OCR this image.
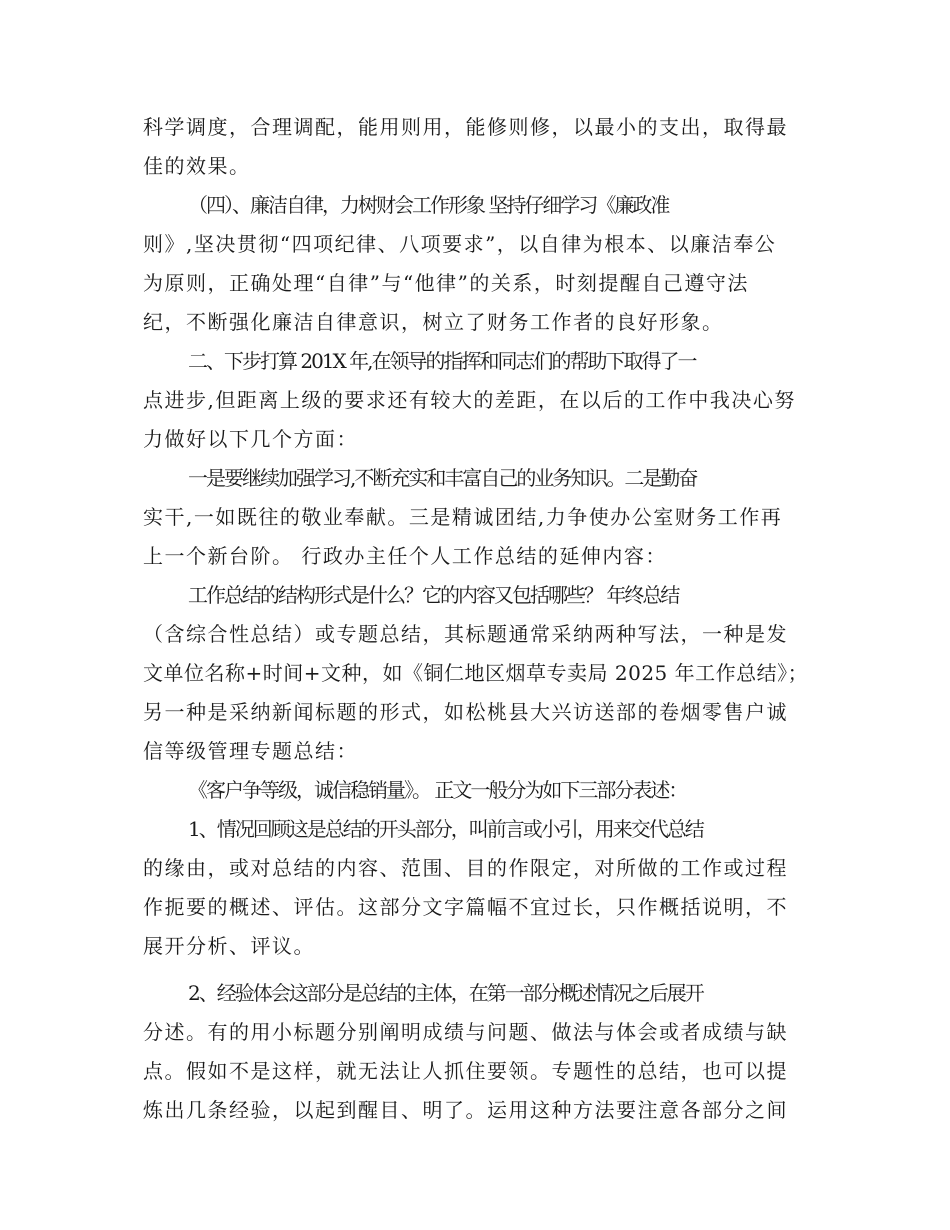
科学调度，合理调配，能用则用，能修则修，以最小的支出，取得最
佳的效果。
（四）、廉洁自律，力树财会工作形象 坚持仔细学习《廉政准
则》,坚决贯彻“四项纪律、八项要求”，以自律为根本、以廉洁奉公
为原则，正确处理“自律”与“他律”的关系，时刻提醒自己遵守法
纪，不断强化廉洁自律意识，树立了财务工作者的良好形象。
二、下步打算 201X 年,在领导的指挥和同志们的帮助下取得了一
点进步,但距离上级的要求还有较大的差距，在以后的工作中我决心努
力做好以下几个方面：
一是要继续加强学习,不断充实和丰富自己的业务知识。二是勤奋
实干,一如既往的敬业奉献。三是精诚团结,力争使办公室财务工作再
上一个新台阶。 行政办主任个人工作总结的延伸内容：
工作总结的结构形式是什么？它的内容又包括哪些？ 年终总结
（含综合性总结）或专题总结，其标题通常采纳两种写法，一种是发
文单位名称+时间+文种，如《铜仁地区烟草专卖局 2025 年工作总结》；
另一种是采纳新闻标题的形式，如松桃县大兴访送部的卷烟零售户诚
信等级管理专题总结：
《客户争等级，诚信稳销量》。 正文一般分为如下三部分表述：
1、情况回顾这是总结的开头部分，叫前言或小引，用来交代总结
的缘由，或对总结的内容、范围、目的作限定，对所做的工作或过程
作扼要的概述、评估。这部分文字篇幅不宜过长，只作概括说明，不
展开分析、评议。
2、经验体会这部分是总结的主体，在第一部分概述情况之后展开
分述。有的用小标题分别阐明成绩与问题、做法与体会或者成绩与缺
点。假如不是这样，就无法让人抓住要领。专题性的总结，也可以提
炼出几条经验，以起到醒目、明了。运用这种方法要注意各部分之间
